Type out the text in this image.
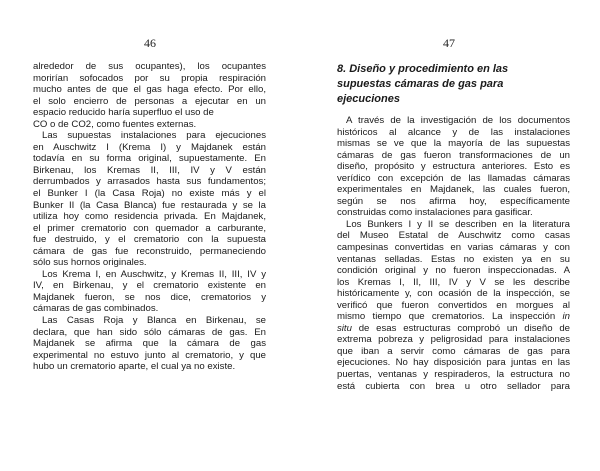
46
alrededor de sus ocupantes), los ocupantes
morirían sofocados por su propia respiración
mucho antes de que el gas haga efecto. Por ello,
el solo encierro de personas a ejecutar en un
espacio reducido haría superfluo el uso de
CO o de CO2, como fuentes externas.
Las supuestas instalaciones para ejecuciones
en Auschwitz I (Krema I) y Majdanek están
todavía en su forma original, supuestamente. En
Birkenau, los Kremas II, III, IV y V están
derrumbados y arrasados hasta sus fundamentos;
el Bunker I (la Casa Roja) no existe más y el
Bunker II (la Casa Blanca) fue restaurada y se la
utiliza hoy como residencia privada. En Majdanek,
el primer crematorio con quemador a carburante,
fue destruido, y el crematorio con la supuesta
cámara de gas fue reconstruido, permaneciendo
sólo sus hornos originales.
Los Krema I, en Auschwitz, y Kremas II, III, IV y
IV, en Birkenau, y el crematorio existente en
Majdanek fueron, se nos dice, crematorios y
cámaras de gas combinados.
Las Casas Roja y Blanca en Birkenau, se
declara, que han sido sólo cámaras de gas. En
Majdanek se afirma que la cámara de gas
experimental no estuvo junto al crematorio, y que
hubo un crematorio aparte, el cual ya no existe.
47
8. Diseño y procedimiento en las
supuestas cámaras de gas para
ejecuciones
A través de la investigación de los documentos
históricos al alcance y de las instalaciones
mismas se ve que la mayoría de las supuestas
cámaras de gas fueron transformaciones de un
diseño, propósito y estructura anteriores. Esto es
verídico con excepción de las llamadas cámaras
experimentales en Majdanek, las cuales fueron,
según se nos afirma hoy, específicamente
construidas como instalaciones para gasificar.
Los Bunkers I y II se describen en la literatura
del Museo Estatal de Auschwitz como casas
campesinas convertidas en varias cámaras y con
ventanas selladas. Estas no existen ya en su
condición original y no fueron inspeccionadas. A
los Kremas I, II, III, IV y V se les describe
históricamente y, con ocasión de la inspección, se
verificó que fueron convertidos en morgues al
mismo tiempo que crematorios. La inspección in
situ de esas estructuras comprobó un diseño de
extrema pobreza y peligrosidad para instalaciones
que iban a servir como cámaras de gas para
ejecuciones. No hay disposición para juntas en las
puertas, ventanas y respiraderos, la estructura no
está cubierta con brea u otro sellador para
